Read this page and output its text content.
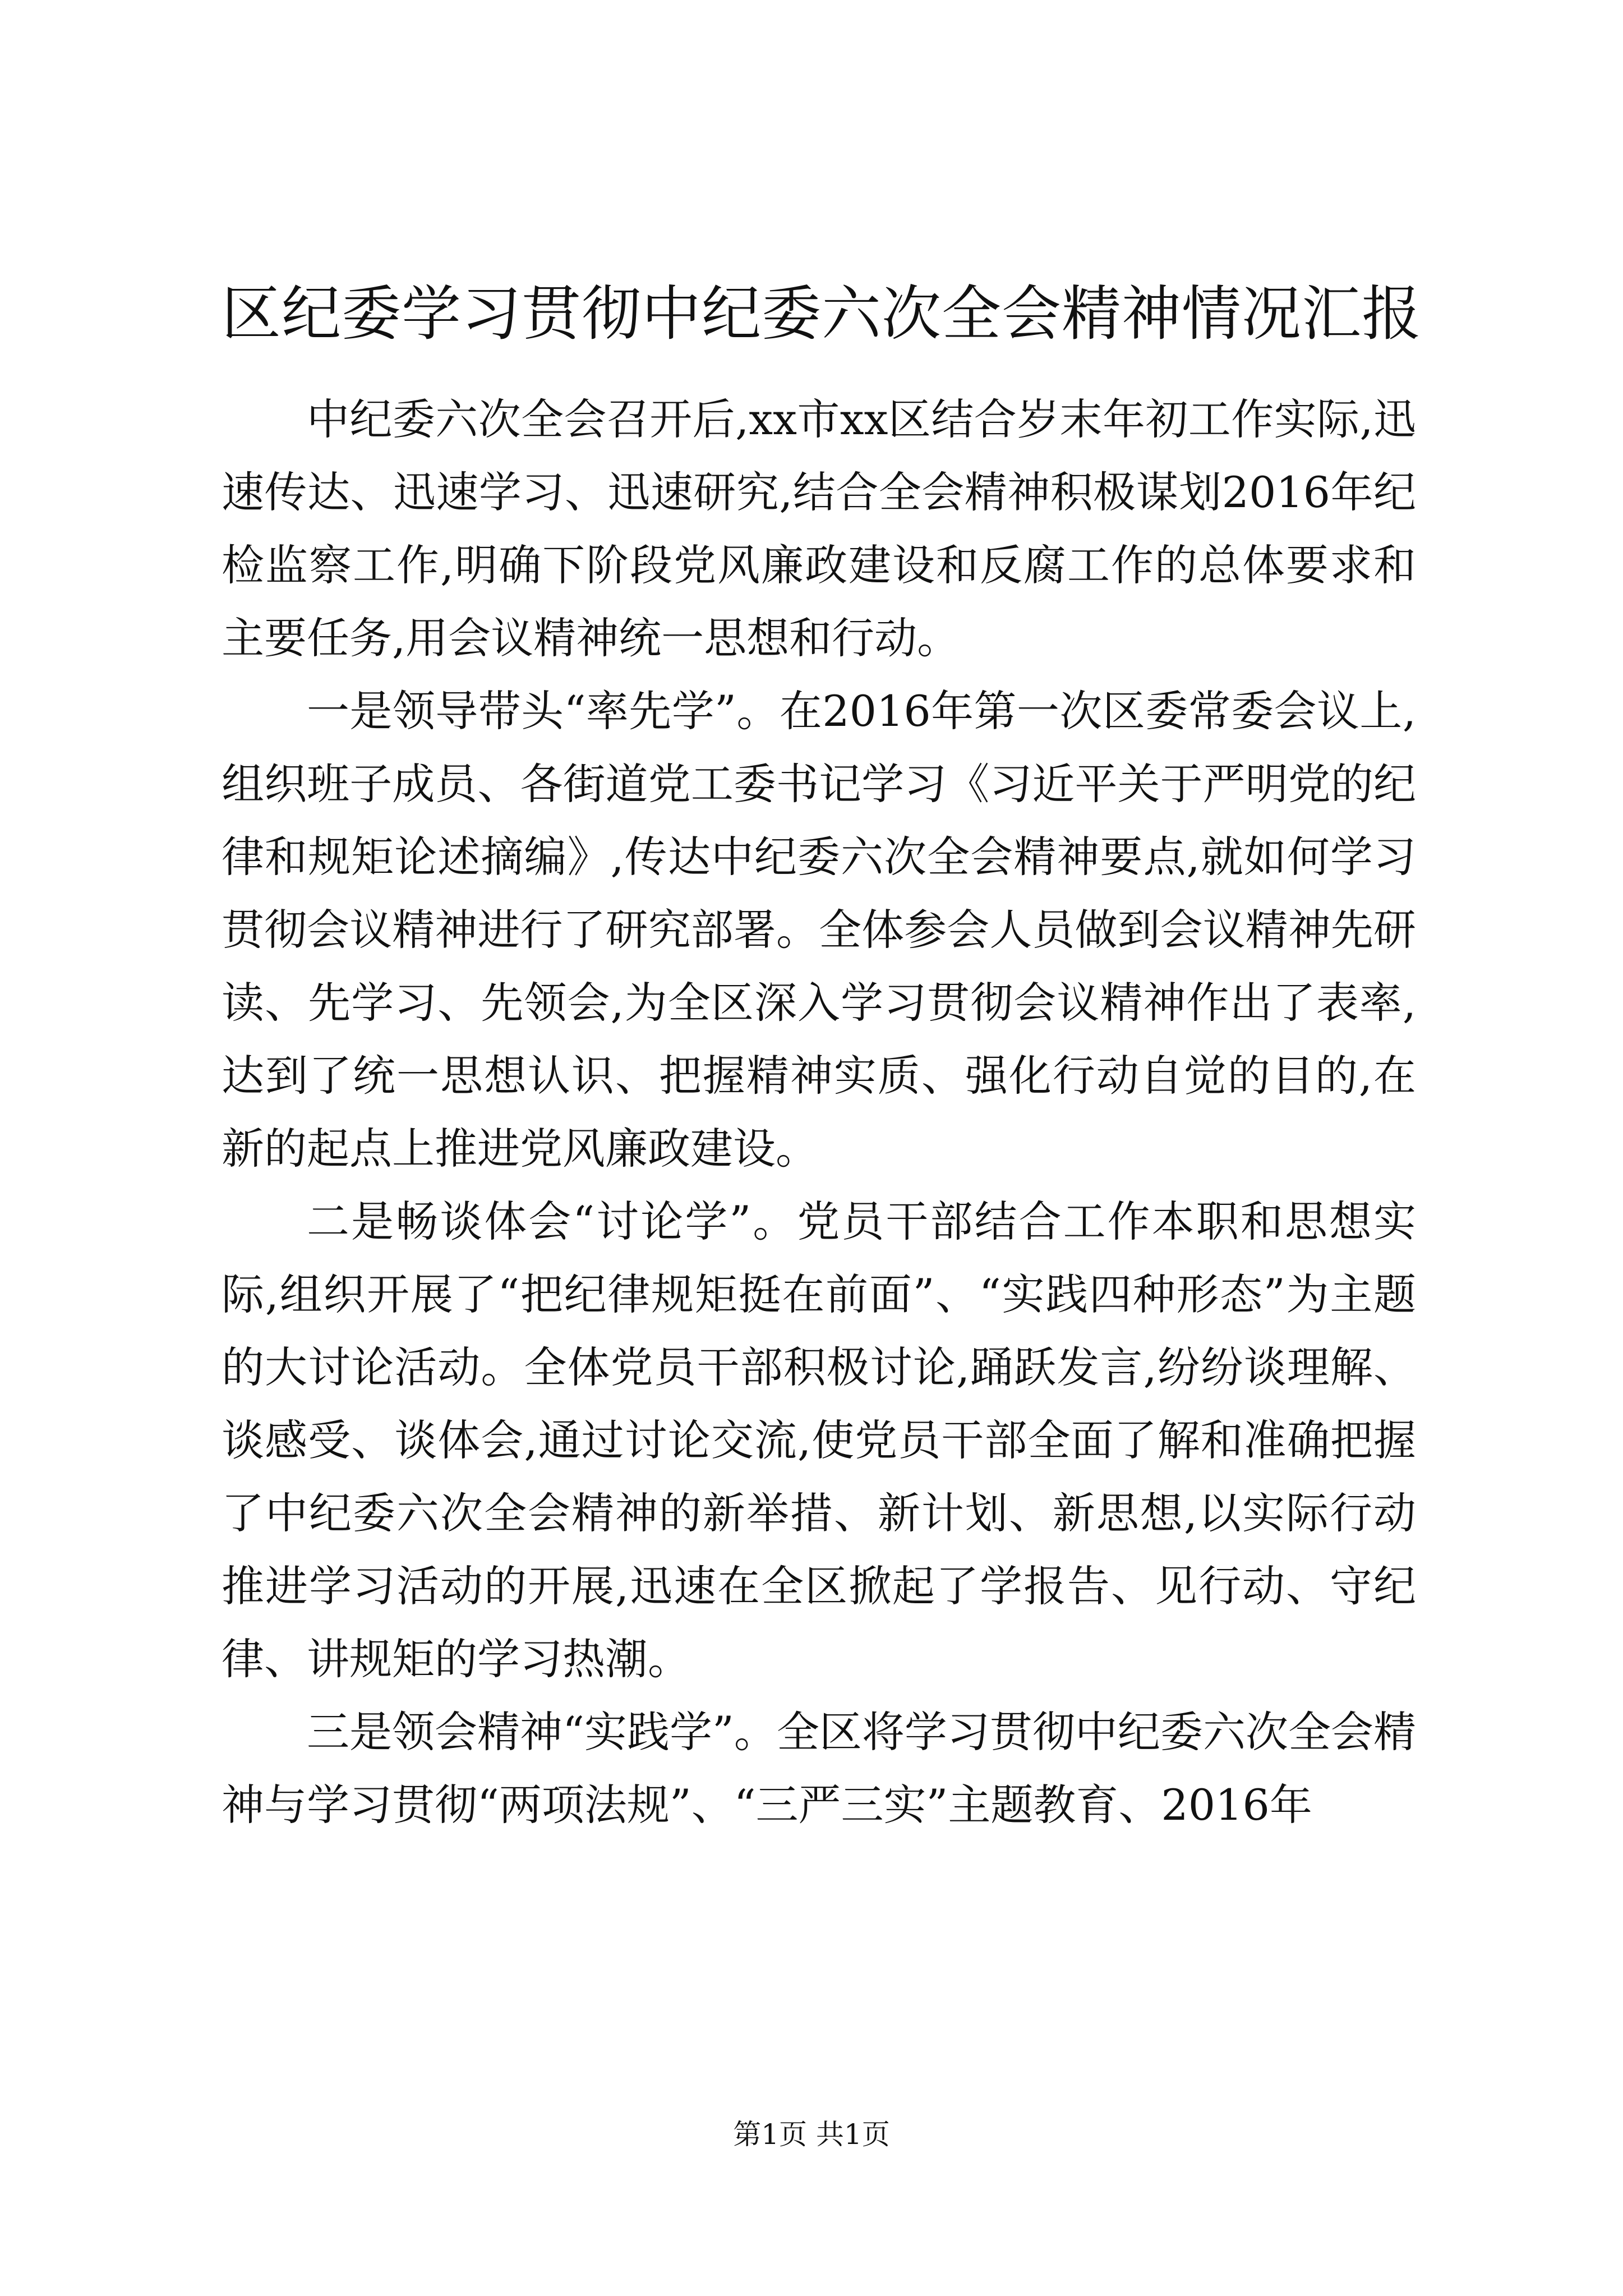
区纪委学习贯彻中纪委六次全会精神情况汇报

中纪委六次全会召开后,xx市xx区结合岁末年初工作实际,迅速传达、迅速学习、迅速研究,结合全会精神积极谋划2016年纪检监察工作,明确下阶段党风廉政建设和反腐工作的总体要求和主要任务,用会议精神统一思想和行动。

一是领导带头“率先学”。在2016年第一次区委常委会议上,组织班子成员、各街道党工委书记学习《习近平关于严明党的纪律和规矩论述摘编》,传达中纪委六次全会精神要点,就如何学习贯彻会议精神进行了研究部署。全体参会人员做到会议精神先研读、先学习、先领会,为全区深入学习贯彻会议精神作出了表率,达到了统一思想认识、把握精神实质、强化行动自觉的目的,在新的起点上推进党风廉政建设。

二是畅谈体会“讨论学”。党员干部结合工作本职和思想实际,组织开展了“把纪律规矩挺在前面”、“实践四种形态”为主题的大讨论活动。全体党员干部积极讨论,踊跃发言,纷纷谈理解、谈感受、谈体会,通过讨论交流,使党员干部全面了解和准确把握了中纪委六次全会精神的新举措、新计划、新思想,以实际行动推进学习活动的开展,迅速在全区掀起了学报告、见行动、守纪律、讲规矩的学习热潮。

三是领会精神“实践学”。全区将学习贯彻中纪委六次全会精神与学习贯彻“两项法规”、“三严三实”主题教育、2016年

第1页 共1页
